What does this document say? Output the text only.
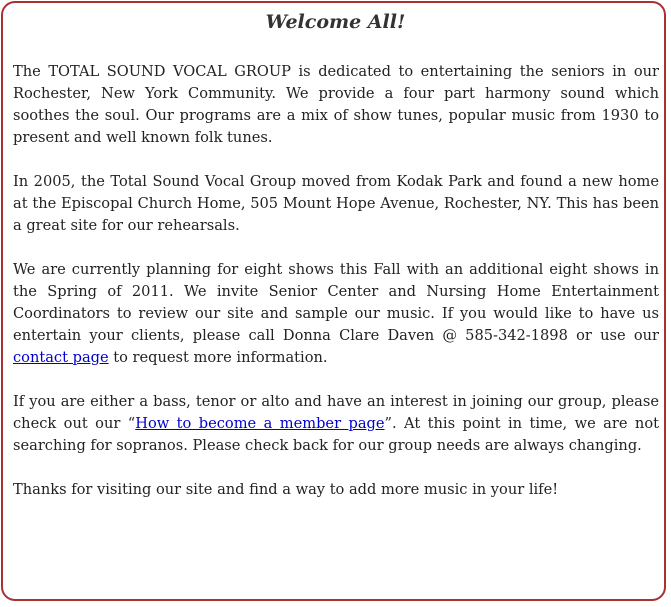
Welcome All!

The TOTAL SOUND VOCAL GROUP is dedicated to entertaining the seniors in our Rochester, New York Community. We provide a four part harmony sound which soothes the soul. Our programs are a mix of show tunes, popular music from 1930 to present and well known folk tunes.

In 2005, the Total Sound Vocal Group moved from Kodak Park and found a new home at the Episcopal Church Home, 505 Mount Hope Avenue, Rochester, NY. This has been a great site for our rehearsals.

We are currently planning for eight shows this Fall with an additional eight shows in the Spring of 2011. We invite Senior Center and Nursing Home Entertainment Coordinators to review our site and sample our music. If you would like to have us entertain your clients, please call Donna Clare Daven @ 585-342-1898 or use our contact page to request more information.

If you are either a bass, tenor or alto and have an interest in joining our group, please check out our “How to become a member page”. At this point in time, we are not searching for sopranos. Please check back for our group needs are always changing.

Thanks for visiting our site and find a way to add more music in your life!
